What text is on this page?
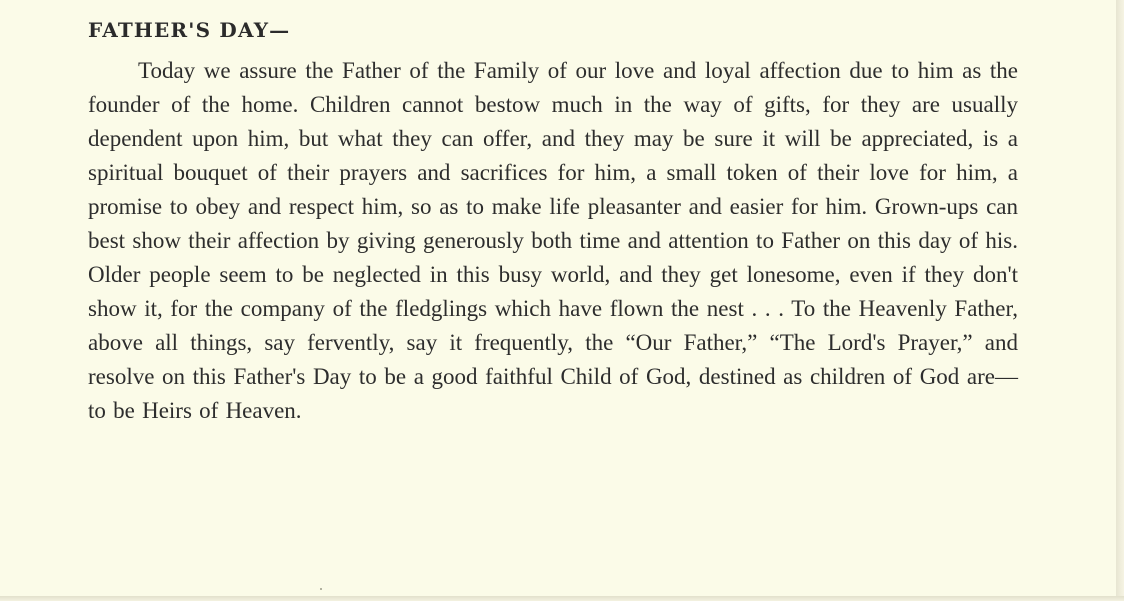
FATHER'S DAY—

Today we assure the Father of the Family of our love and loyal affection due to him as the founder of the home. Children cannot bestow much in the way of gifts, for they are usually dependent upon him, but what they can offer, and they may be sure it will be appreciated, is a spiritual bouquet of their prayers and sacrifices for him, a small token of their love for him, a promise to obey and respect him, so as to make life pleasanter and easier for him. Grown-ups can best show their affection by giving generously both time and attention to Father on this day of his. Older people seem to be neglected in this busy world, and they get lonesome, even if they don't show it, for the company of the fledglings which have flown the nest . . . To the Heavenly Father, above all things, say fervently, say it frequently, the “Our Father,” “The Lord's Prayer,” and resolve on this Father's Day to be a good faithful Child of God, destined as children of God are—to be Heirs of Heaven.
